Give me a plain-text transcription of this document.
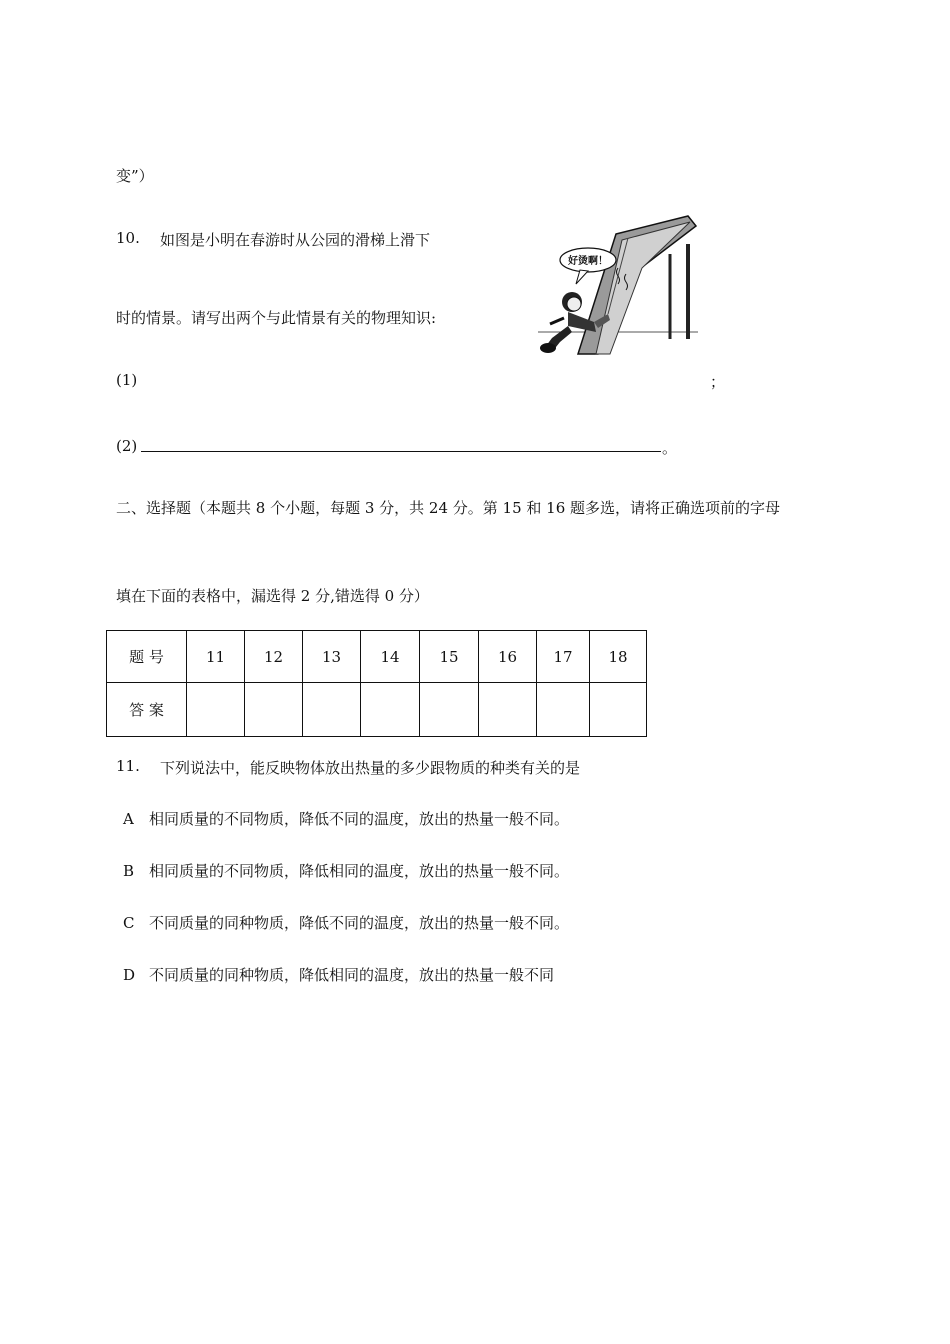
变”）
10. 如图是小明在春游时从公园的滑梯上滑下
时的情景。请写出两个与此情景有关的物理知识:
好烫啊！
(1)	；
(2)	。
二、选择题（本题共 8 个小题，每题 3 分，共 24 分。第 15 和 16 题多选，请将正确选项前的字母
填在下面的表格中，漏选得 2 分,错选得 0 分）
题 号	11	12	13	14	15	16	17	18
答 案								
11. 下列说法中，能反映物体放出热量的多少跟物质的种类有关的是
A 相同质量的不同物质，降低不同的温度，放出的热量一般不同。
B 相同质量的不同物质，降低相同的温度，放出的热量一般不同。
C 不同质量的同种物质，降低不同的温度，放出的热量一般不同。
D 不同质量的同种物质，降低相同的温度，放出的热量一般不同
